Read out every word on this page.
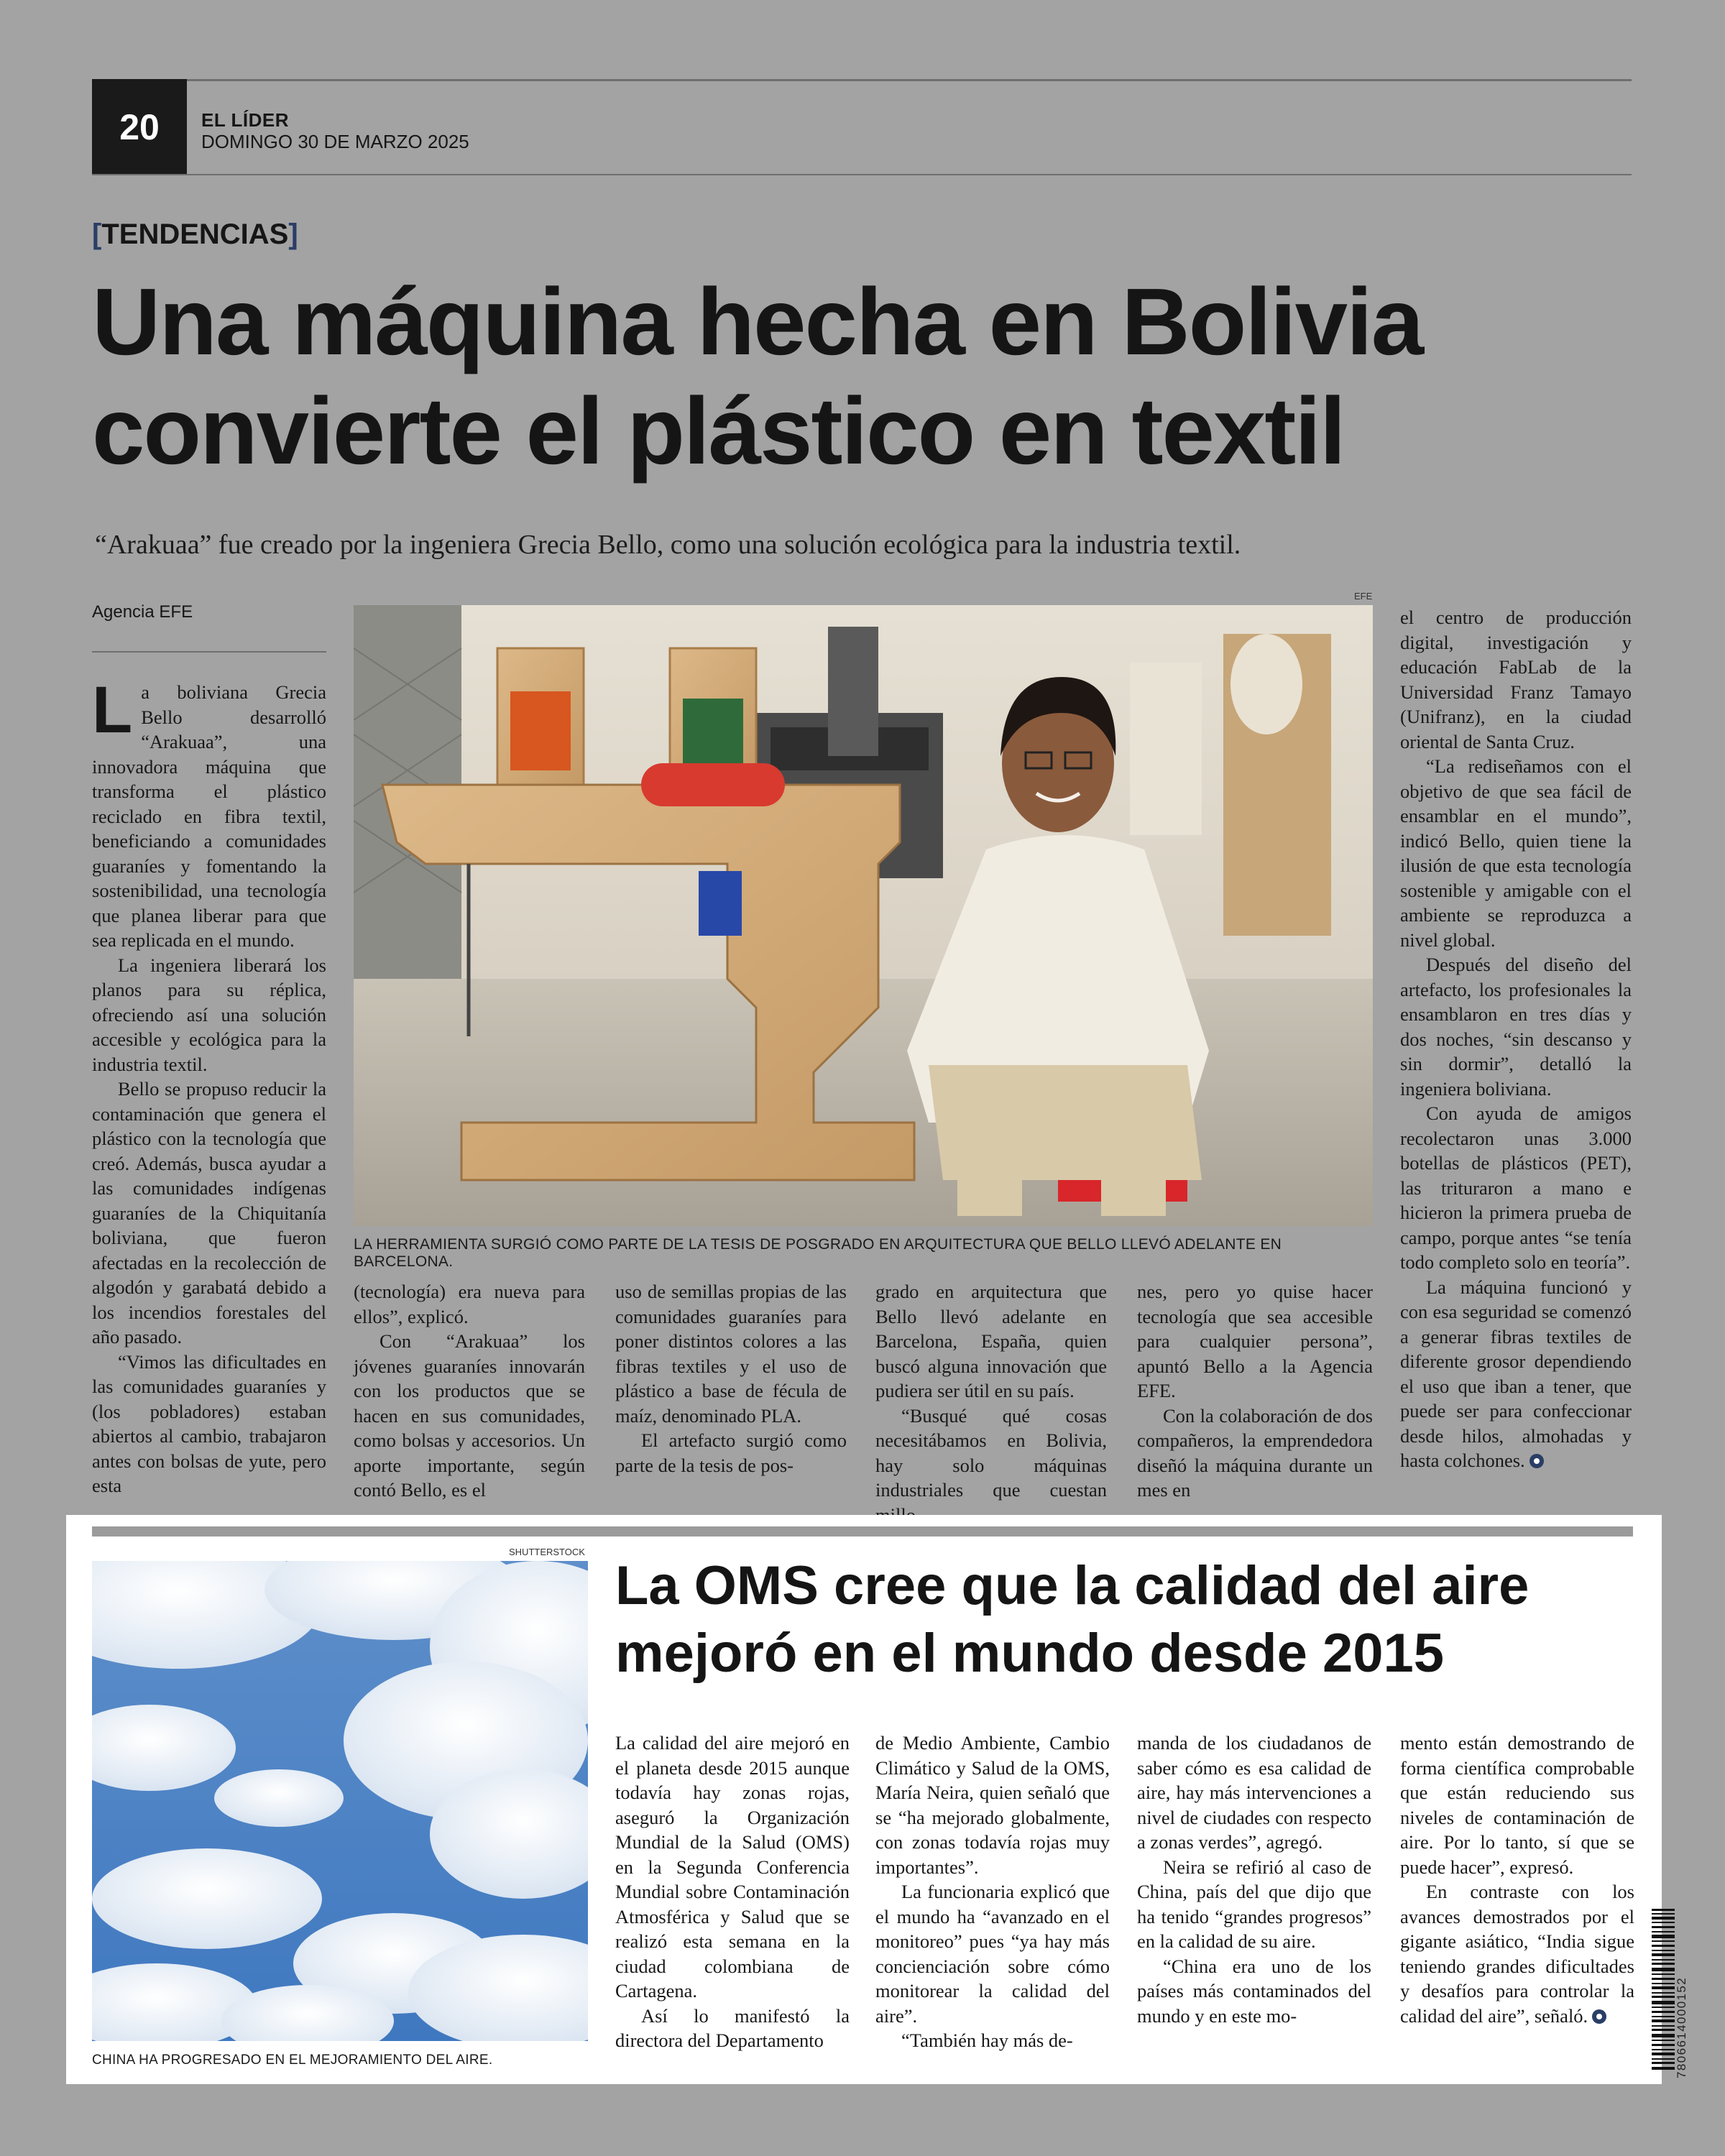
20	EL LÍDER
DOMINGO 30 DE MARZO 2025
[TENDENCIAS]
Una máquina hecha en Bolivia
convierte el plástico en textil
“Arakuaa” fue creado por la ingeniera Grecia Bello, como una solución ecológica para la industria textil.
Agencia EFE

La boliviana Grecia Bello desarrolló “Arakuaa”, una innovadora máquina que transforma el plástico reciclado en fibra textil, beneficiando a comunidades guaraníes y fomentando la sostenibilidad, una tecnología que planea liberar para que sea replicada en el mundo.

La ingeniera liberará los planos para su réplica, ofreciendo así una solución accesible y ecológica para la industria textil.

Bello se propuso reducir la contaminación que genera el plástico con la tecnología que creó. Además, busca ayudar a las comunidades indígenas guaraníes de la Chiquitanía boliviana, que fueron afectadas en la recolección de algodón y garabatá debido a los incendios forestales del año pasado.

“Vimos las dificultades en las comunidades guaraníes y (los pobladores) estaban abiertos al cambio, trabajaron antes con bolsas de yute, pero esta

EFE
LA HERRAMIENTA SURGIÓ COMO PARTE DE LA TESIS DE POSGRADO EN ARQUITECTURA QUE BELLO LLEVÓ ADELANTE EN BARCELONA.

el centro de producción digital, investigación y educación FabLab de la Universidad Franz Tamayo (Unifranz), en la ciudad oriental de Santa Cruz.

“La rediseñamos con el objetivo de que sea fácil de ensamblar en el mundo”, indicó Bello, quien tiene la ilusión de que esta tecnología sostenible y amigable con el ambiente se reproduzca a nivel global.

Después del diseño del artefacto, los profesionales la ensamblaron en tres días y dos noches, “sin descanso y sin dormir”, detalló la ingeniera boliviana.

Con ayuda de amigos recolectaron unas 3.000 botellas de plásticos (PET), las trituraron a mano e hicieron la primera prueba de campo, porque antes “se tenía todo completo solo en teoría”.

La máquina funcionó y con esa seguridad se comenzó a generar fibras textiles de diferente grosor dependiendo el uso que iban a tener, que puede ser para confeccionar desde hilos, almohadas y hasta colchones.

(tecnología) era nueva para ellos”, explicó.

Con “Arakuaa” los jóvenes guaraníes innovarán con los productos que se hacen en sus comunidades, como bolsas y accesorios. Un aporte importante, según contó Bello, es el

uso de semillas propias de las comunidades guaraníes para poner distintos colores a las fibras textiles y el uso de plástico a base de fécula de maíz, denominado PLA.

El artefacto surgió como parte de la tesis de pos-

grado en arquitectura que Bello llevó adelante en Barcelona, España, quien buscó alguna innovación que pudiera ser útil en su país.

“Busqué qué cosas necesitábamos en Bolivia, hay solo máquinas industriales que cuestan

nes, pero yo quise hacer tecnología que sea accesible para cualquier persona”, apuntó Bello a la Agencia EFE.

Con la colaboración de dos compañeros, la emprendedora diseñó la máquina durante un mes en

SHUTTERSTOCK
CHINA HA PROGRESADO EN EL MEJORAMIENTO DEL AIRE.
La OMS cree que la calidad del aire
mejoró en el mundo desde 2015

La calidad del aire mejoró en el planeta desde 2015 aunque todavía hay zonas rojas, aseguró la Organización Mundial de la Salud (OMS) en la Segunda Conferencia Mundial sobre Contaminación Atmosférica y Salud que se realizó esta semana en la ciudad colombiana de Cartagena.

Así lo manifestó la directora del Departamento

de Medio Ambiente, Cambio Climático y Salud de la OMS, María Neira, quien señaló que se “ha mejorado globalmente, con zonas todavía rojas muy importantes”.

La funcionaria explicó que el mundo ha “avanzado en el monitoreo” pues “ya hay más concienciación sobre cómo monitorear la calidad del aire”.

“También hay más de-

manda de los ciudadanos de saber cómo es esa calidad de aire, hay más intervenciones a nivel de ciudades con respecto a zonas verdes”, agregó.

Neira se refirió al caso de China, país del que dijo que ha tenido “grandes progresos” en la calidad de su aire.

“China era uno de los países más contaminados del mundo y en este mo-

mento están demostrando de forma científica comprobable que están reduciendo sus niveles de contaminación de aire. Por lo tanto, sí que se puede hacer”, expresó.

En contraste con los avances demostrados por el gigante asiático, “India sigue teniendo grandes dificultades y desafíos para controlar la calidad del aire”, señaló.	7806614000152
